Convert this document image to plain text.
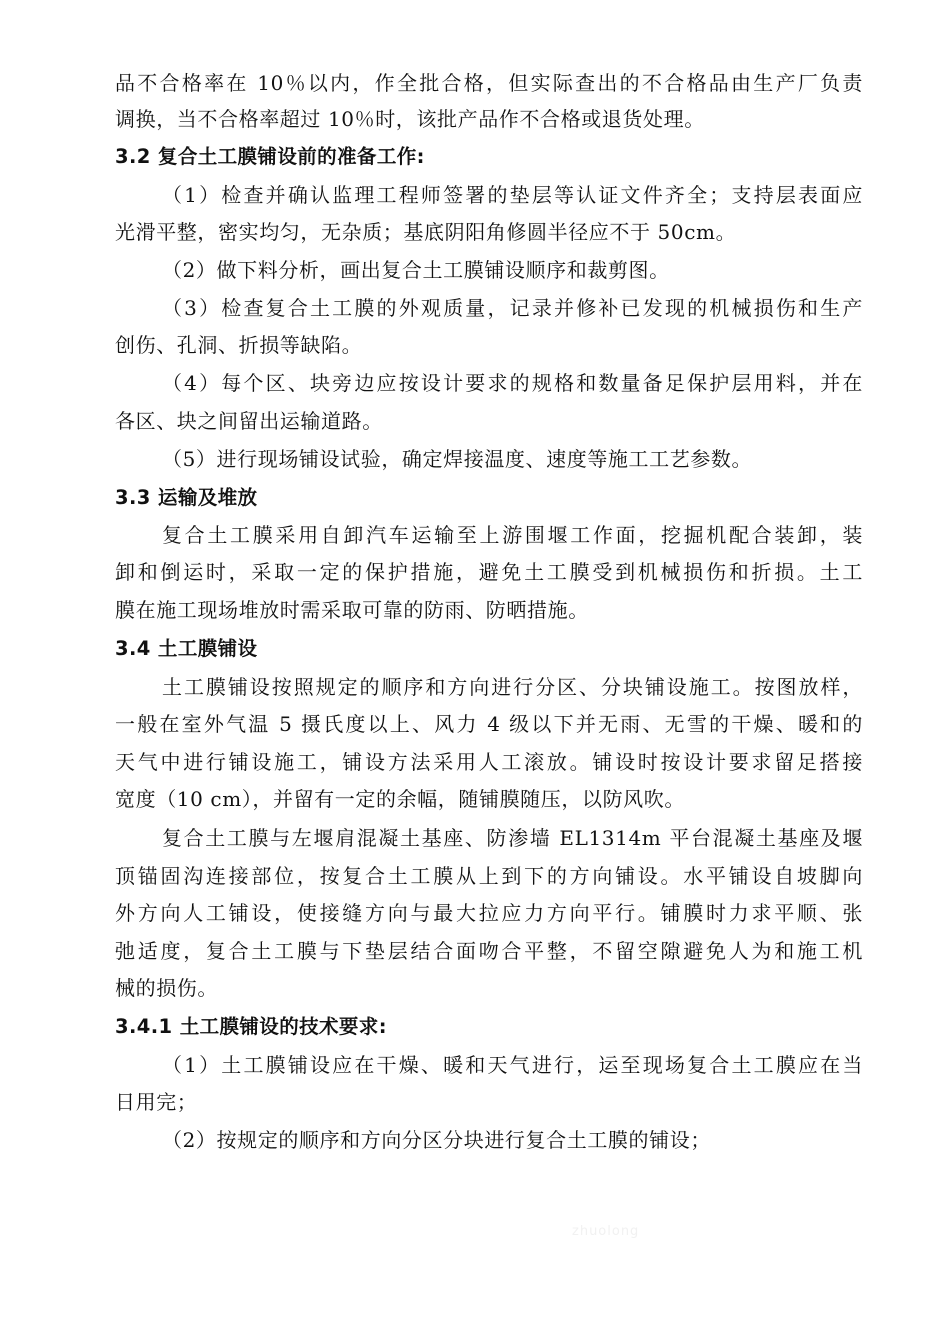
品不合格率在 10％以内，作全批合格，但实际查出的不合格品由生产厂负责
调换，当不合格率超过 10％时，该批产品作不合格或退货处理。
3.2 复合土工膜铺设前的准备工作:
（1）检查并确认监理工程师签署的垫层等认证文件齐全；支持层表面应
光滑平整，密实均匀，无杂质；基底阴阳角修圆半径应不于 50cm。
（2）做下料分析，画出复合土工膜铺设顺序和裁剪图。
（3）检查复合土工膜的外观质量，记录并修补已发现的机械损伤和生产
创伤、孔洞、折损等缺陷。
（4）每个区、块旁边应按设计要求的规格和数量备足保护层用料，并在
各区、块之间留出运输道路。
（5）进行现场铺设试验，确定焊接温度、速度等施工工艺参数。
3.3 运输及堆放
复合土工膜采用自卸汽车运输至上游围堰工作面，挖掘机配合装卸，装
卸和倒运时，采取一定的保护措施，避免土工膜受到机械损伤和折损。土工
膜在施工现场堆放时需采取可靠的防雨、防晒措施。
3.4 土工膜铺设
土工膜铺设按照规定的顺序和方向进行分区、分块铺设施工。按图放样，
一般在室外气温 5 摄氏度以上、风力 4 级以下并无雨、无雪的干燥、暖和的
天气中进行铺设施工，铺设方法采用人工滚放。铺设时按设计要求留足搭接
宽度（10 cm），并留有一定的余幅，随铺膜随压，以防风吹。
复合土工膜与左堰肩混凝土基座、防渗墙 EL1314m 平台混凝土基座及堰
顶锚固沟连接部位，按复合土工膜从上到下的方向铺设。水平铺设自坡脚向
外方向人工铺设，使接缝方向与最大拉应力方向平行。铺膜时力求平顺、张
弛适度，复合土工膜与下垫层结合面吻合平整，不留空隙避免人为和施工机
械的损伤。
3.4.1 土工膜铺设的技术要求:
（1）土工膜铺设应在干燥、暖和天气进行，运至现场复合土工膜应在当
日用完；
（2）按规定的顺序和方向分区分块进行复合土工膜的铺设；
zhuolong
